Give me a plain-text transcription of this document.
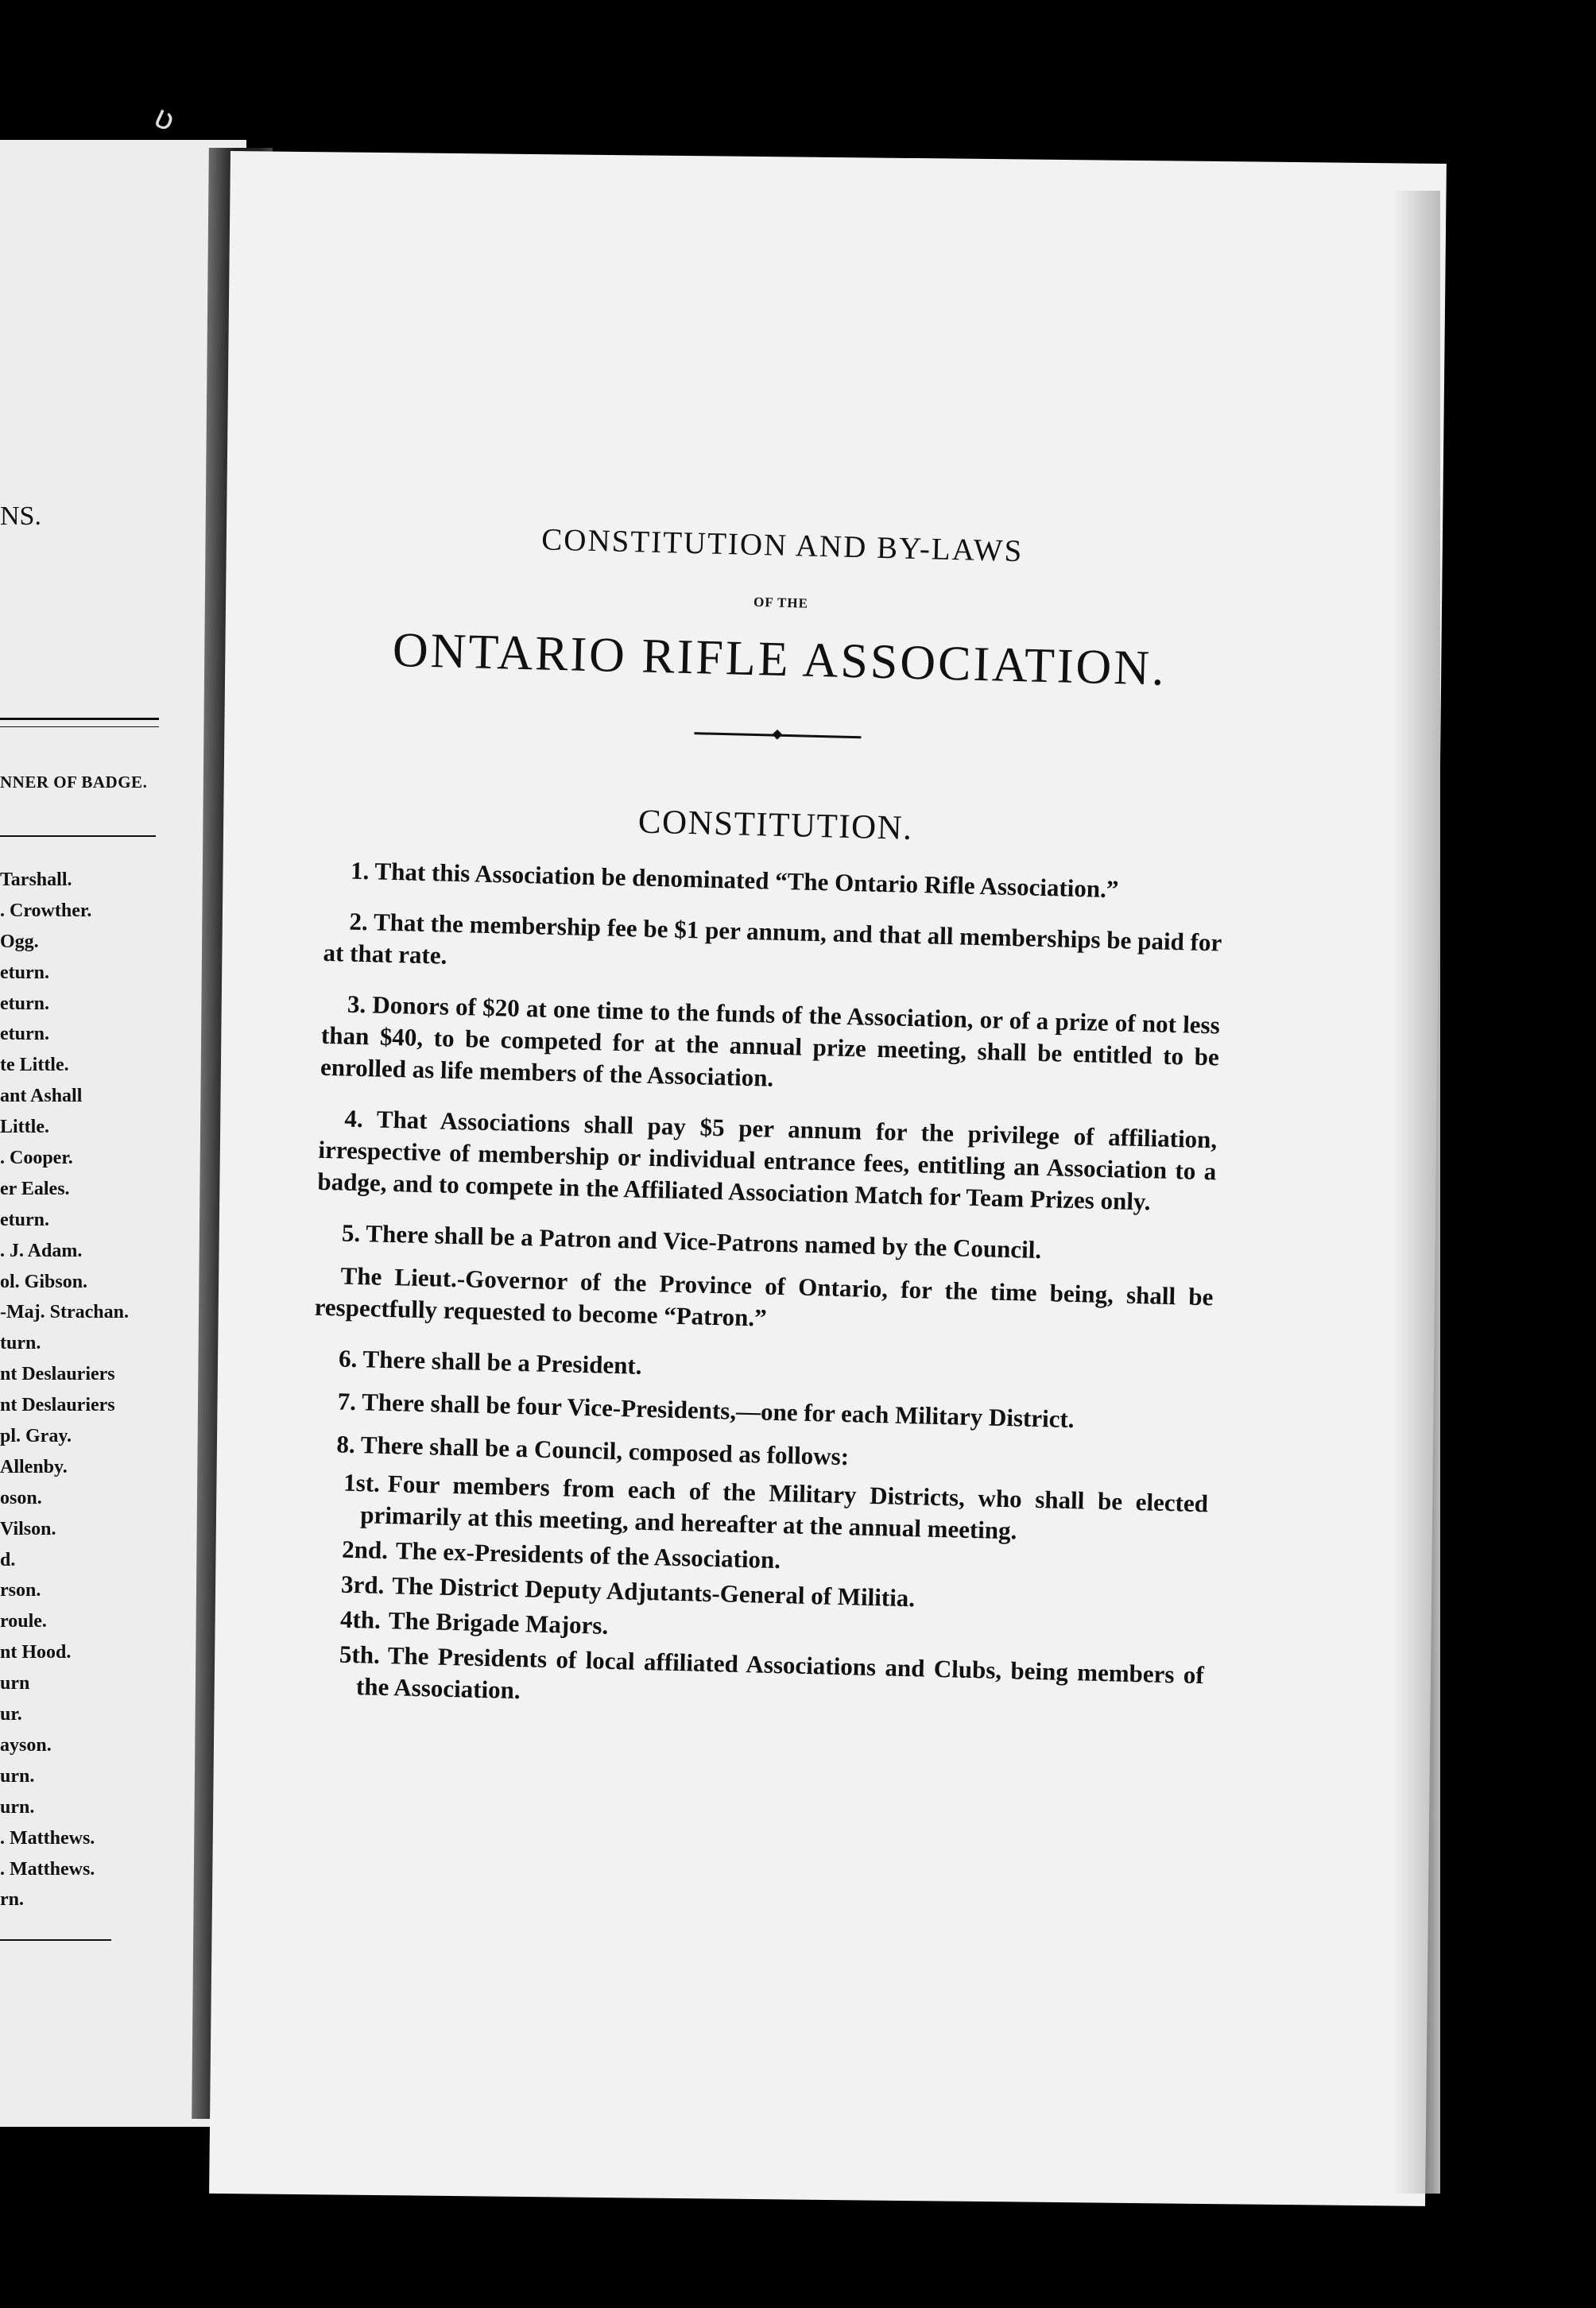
ʋ
NS.
NNER OF BADGE.
Tarshall.
. Crowther.
Ogg.
eturn.
eturn.
eturn.
te Little.
ant Ashall
Little.
. Cooper.
er Eales.
eturn.
. J. Adam.
ol. Gibson.
-Maj. Strachan.
turn.
nt Deslauriers
nt Deslauriers
pl. Gray.
Allenby.
oson.
Vilson.
d.
rson.
roule.
nt Hood.
urn
ur.
ayson.
urn.
urn.
. Matthews.
. Matthews.
rn.
CONSTITUTION AND BY-LAWS
OF THE
ONTARIO RIFLE ASSOCIATION.
CONSTITUTION.

1. That this Association be denominated “The Ontario Rifle Association.”

2. That the membership fee be $1 per annum, and that all memberships be paid for at that rate.

3. Donors of $20 at one time to the funds of the Association, or of a prize of not less than $40, to be competed for at the annual prize meeting, shall be entitled to be enrolled as life members of the Association.

4. That Associations shall pay $5 per annum for the privilege of affiliation, irrespective of membership or individual entrance fees, entitling an Association to a badge, and to compete in the Affiliated Association Match for Team Prizes only.

5. There shall be a Patron and Vice-Patrons named by the Council.

The Lieut.-Governor of the Province of Ontario, for the time being, shall be respectfully requested to become “Patron.”

6. There shall be a President.

7. There shall be four Vice-Presidents,—one for each Military District.

8. There shall be a Council, composed as follows:

1st. Four members from each of the Military Districts, who shall be elected primarily at this meeting, and hereafter at the annual meeting.
2nd. The ex-Presidents of the Association.
3rd. The District Deputy Adjutants-General of Militia.
4th. The Brigade Majors.
5th. The Presidents of local affiliated Associations and Clubs, being members of the Association.
